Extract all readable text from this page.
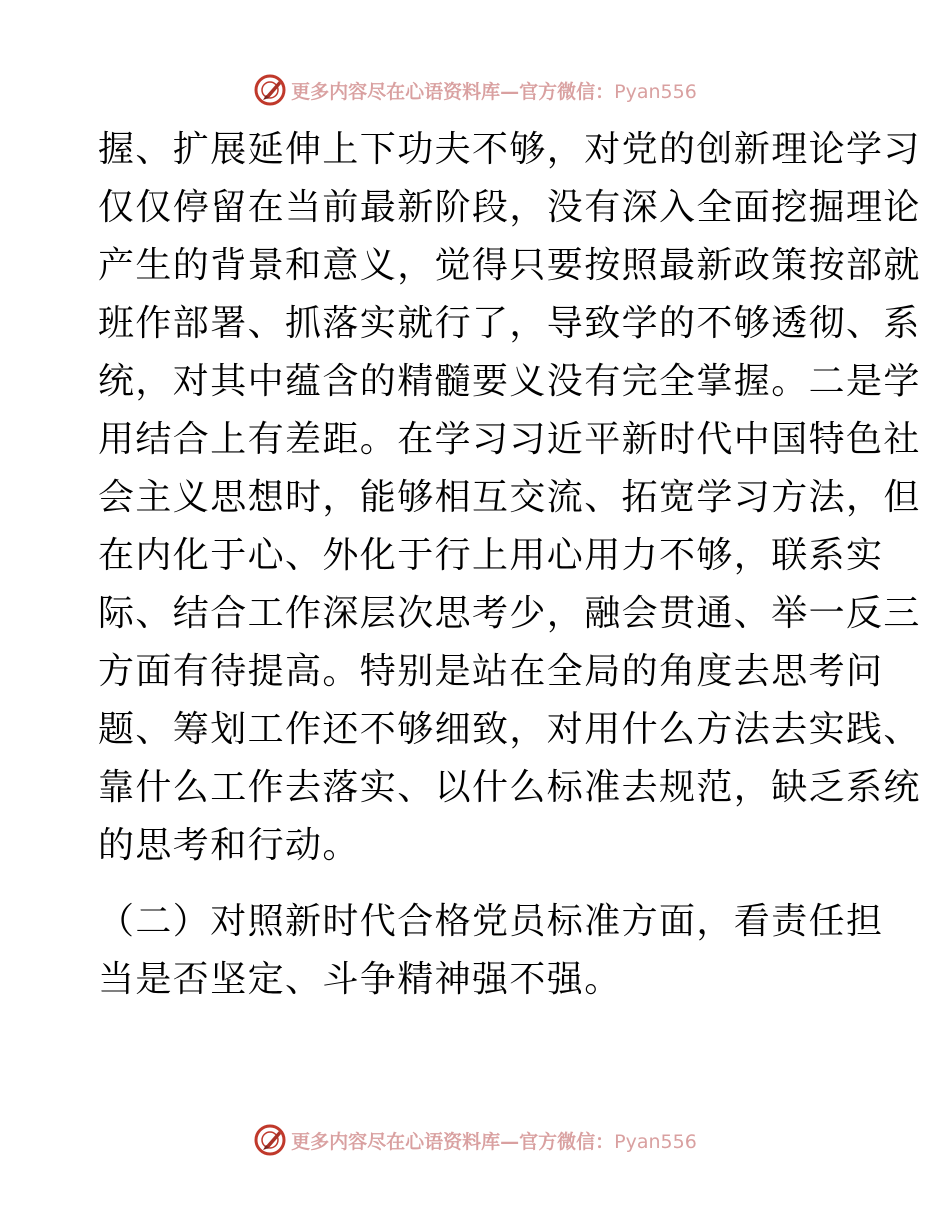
更多内容尽在心语资料库—官方微信：Pyan556
握、扩展延伸上下功夫不够，对党的创新理论学习
仅仅停留在当前最新阶段，没有深入全面挖掘理论
产生的背景和意义，觉得只要按照最新政策按部就
班作部署、抓落实就行了，导致学的不够透彻、系
统，对其中蕴含的精髓要义没有完全掌握。二是学
用结合上有差距。在学习习近平新时代中国特色社
会主义思想时，能够相互交流、拓宽学习方法，但
在内化于心、外化于行上用心用力不够，联系实
际、结合工作深层次思考少，融会贯通、举一反三
方面有待提高。特别是站在全局的角度去思考问
题、筹划工作还不够细致，对用什么方法去实践、
靠什么工作去落实、以什么标准去规范，缺乏系统
的思考和行动。
（二）对照新时代合格党员标准方面，看责任担
当是否坚定、斗争精神强不强。
更多内容尽在心语资料库—官方微信：Pyan556
